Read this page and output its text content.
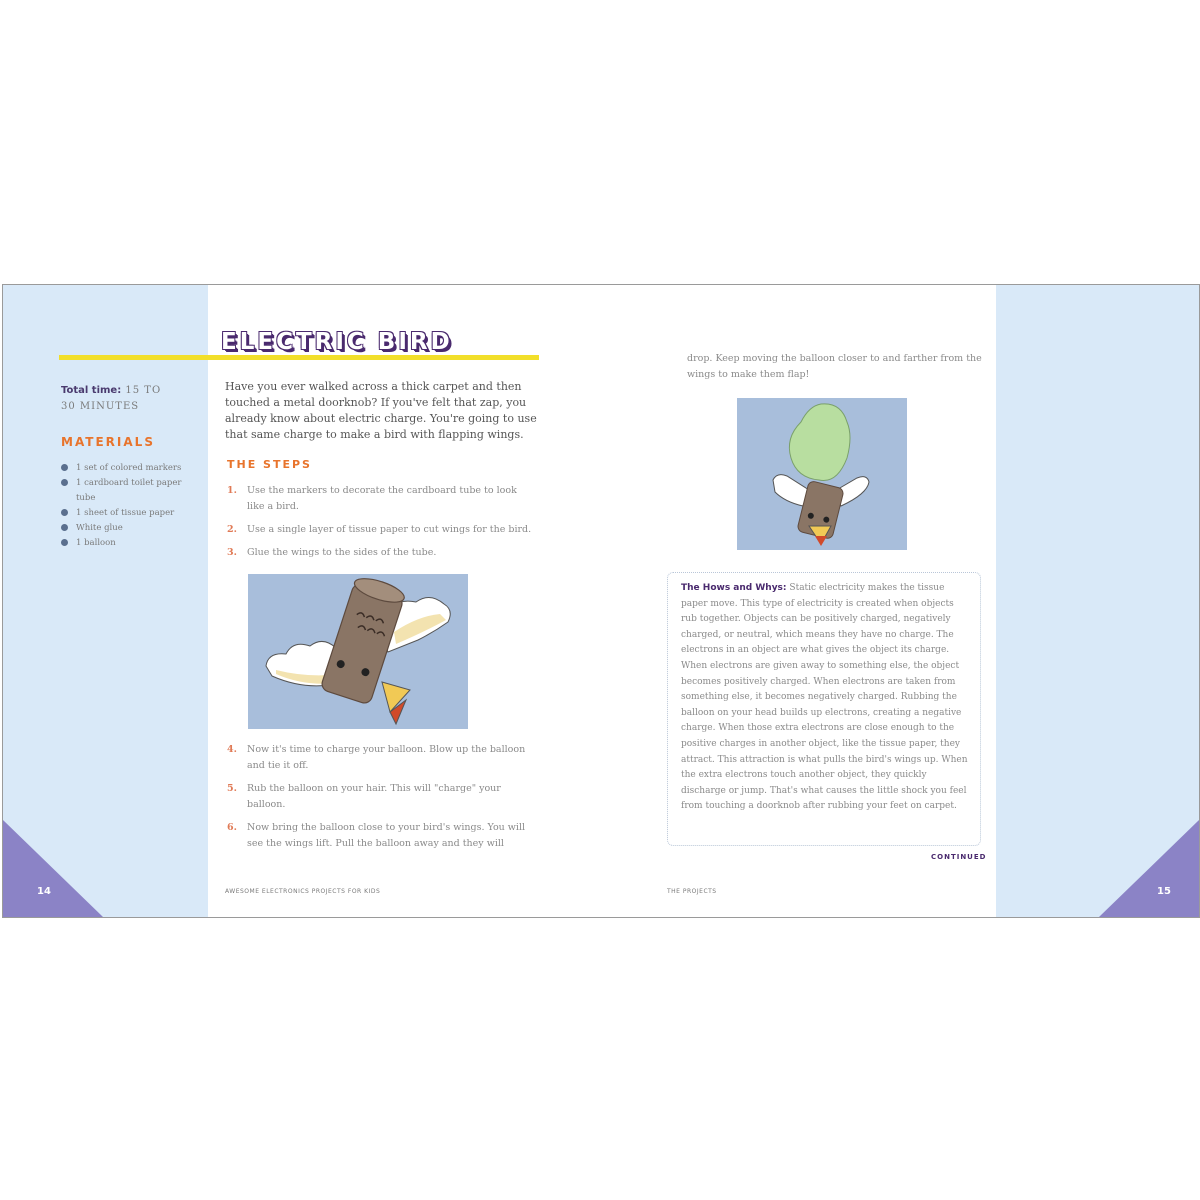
ELECTRIC BIRD
Total time: 15 TO 30 MINUTES
MATERIALS
1 set of colored markers
1 cardboard toilet paper tube
1 sheet of tissue paper
White glue
1 balloon
Have you ever walked across a thick carpet and then touched a metal doorknob? If you've felt that zap, you already know about electric charge. You're going to use that same charge to make a bird with flapping wings.
THE STEPS
1.	Use the markers to decorate the cardboard tube to look like a bird.
2.	Use a single layer of tissue paper to cut wings for the bird.
3.	Glue the wings to the sides of the tube.
4.	Now it's time to charge your balloon. Blow up the balloon and tie it off.
5.	Rub the balloon on your hair. This will "charge" your balloon.
6.	Now bring the balloon close to your bird's wings. You will see the wings lift. Pull the balloon away and they will
drop. Keep moving the balloon closer to and farther from the wings to make them flap!
The Hows and Whys: Static electricity makes the tissue paper move. This type of electricity is created when objects rub together. Objects can be positively charged, negatively charged, or neutral, which means they have no charge. The electrons in an object are what gives the object its charge. When electrons are given away to something else, the object becomes positively charged. When electrons are taken from something else, it becomes negatively charged. Rubbing the balloon on your head builds up electrons, creating a negative charge. When those extra electrons are close enough to the positive charges in another object, like the tissue paper, they attract. This attraction is what pulls the bird's wings up. When the extra electrons touch another object, they quickly discharge or jump. That's what causes the little shock you feel from touching a doorknob after rubbing your feet on carpet.
CONTINUED
14	AWESOME ELECTRONICS PROJECTS FOR KIDS	THE PROJECTS	15
